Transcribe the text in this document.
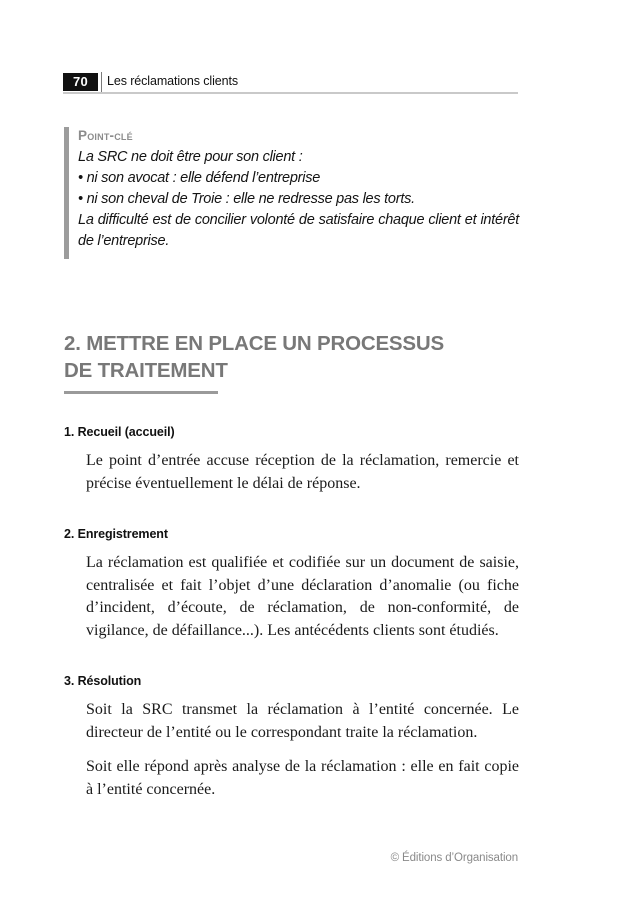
70	Les réclamations clients
Point-clé
La SRC ne doit être pour son client :
• ni son avocat : elle défend l’entreprise
• ni son cheval de Troie : elle ne redresse pas les torts.
La difficulté est de concilier volonté de satisfaire chaque client et intérêt de l’entreprise.
2. METTRE EN PLACE UN PROCESSUS
DE TRAITEMENT
1. Recueil (accueil)

Le point d’entrée accuse réception de la réclamation, remercie et précise éventuellement le délai de réponse.

2. Enregistrement

La réclamation est qualifiée et codifiée sur un document de saisie, centralisée et fait l’objet d’une déclaration d’anomalie (ou fiche d’incident, d’écoute, de réclamation, de non-conformité, de vigilance, de défaillance...). Les antécédents clients sont étudiés.

3. Résolution

Soit la SRC transmet la réclamation à l’entité concernée. Le directeur de l’entité ou le correspondant traite la réclamation.

Soit elle répond après analyse de la réclamation : elle en fait copie à l’entité concernée.

© Éditions d’Organisation
